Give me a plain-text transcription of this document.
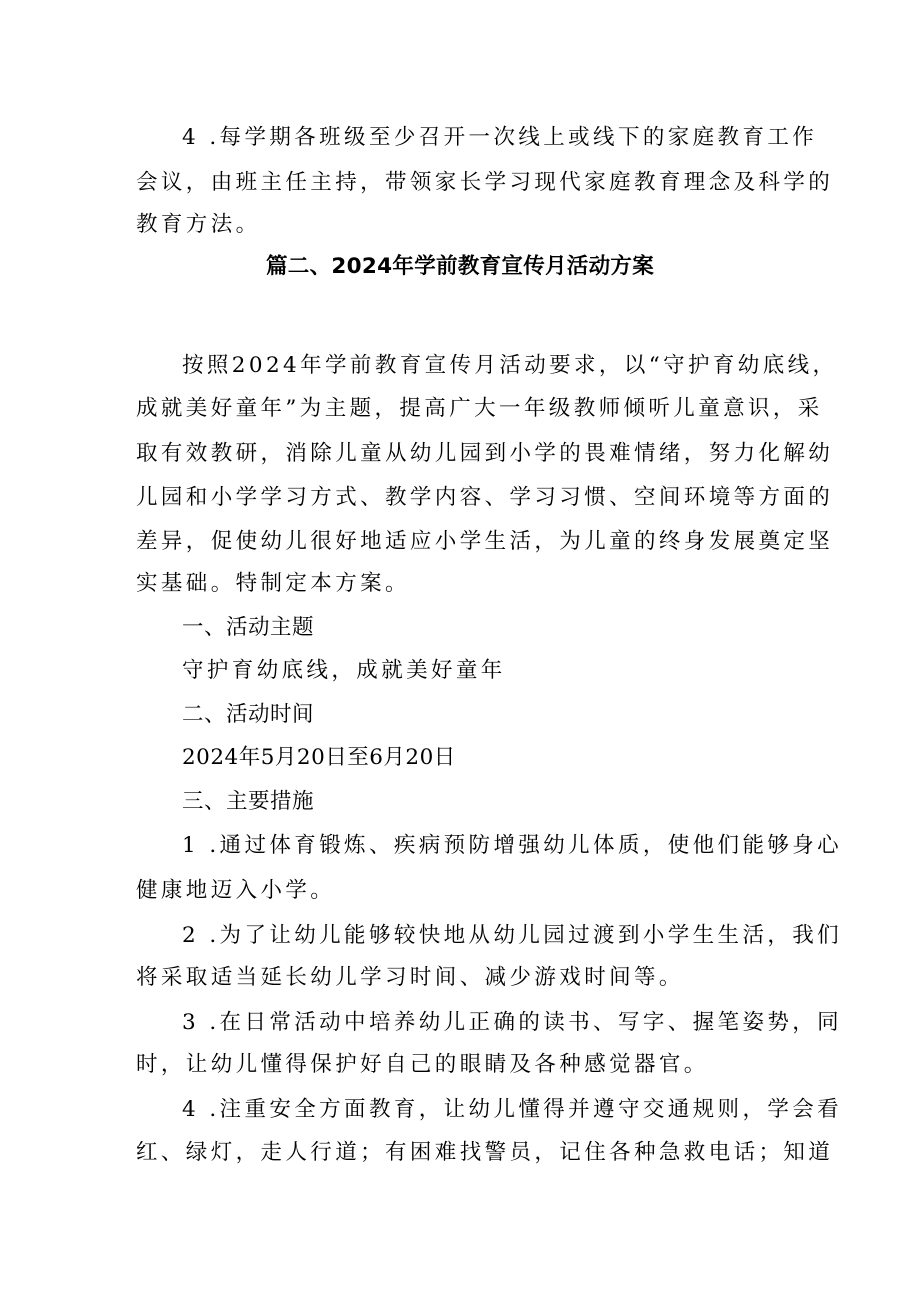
4 .每学期各班级至少召开一次线上或线下的家庭教育工作
会议，由班主任主持，带领家长学习现代家庭教育理念及科学的
教育方法。
篇二、2024年学前教育宣传月活动方案
按照2024年学前教育宣传月活动要求，以“守护育幼底线，
成就美好童年”为主题，提高广大一年级教师倾听儿童意识，采
取有效教研，消除儿童从幼儿园到小学的畏难情绪，努力化解幼
儿园和小学学习方式、教学内容、学习习惯、空间环境等方面的
差异，促使幼儿很好地适应小学生活，为儿童的终身发展奠定坚
实基础。特制定本方案。
一、活动主题
守护育幼底线，成就美好童年
二、活动时间
2024年5月20日至6月20日
三、主要措施
1 .通过体育锻炼、疾病预防增强幼儿体质，使他们能够身心
健康地迈入小学。
2 .为了让幼儿能够较快地从幼儿园过渡到小学生生活，我们
将采取适当延长幼儿学习时间、减少游戏时间等。
3 .在日常活动中培养幼儿正确的读书、写字、握笔姿势，同
时，让幼儿懂得保护好自己的眼睛及各种感觉器官。
4 .注重安全方面教育，让幼儿懂得并遵守交通规则，学会看
红、绿灯，走人行道；有困难找警员，记住各种急救电话；知道
